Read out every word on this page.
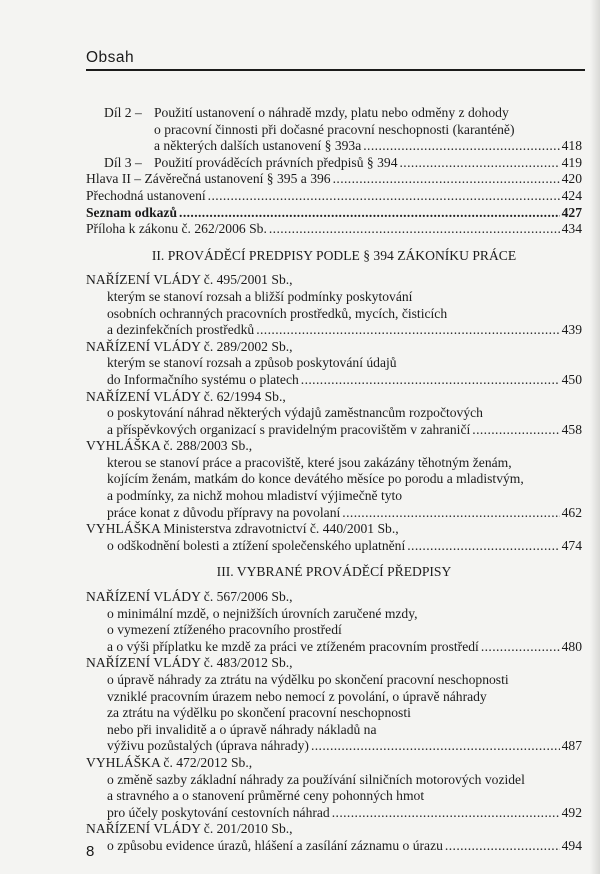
Obsah
Díl 2 – Použití ustanovení o náhradě mzdy, platu nebo odměny z dohody
o pracovní činnosti při dočasné pracovní neschopnosti (karanténě)
a některých dalších ustanovení § 393a .....	418
Díl 3 – Použití prováděcích právních předpisů § 394 .....	419
Hlava II – Závěrečná ustanovení § 395 a 396 .....	420
Přechodná ustanovení .....	424
Seznam odkazů .....	427
Příloha k zákonu č. 262/2006 Sb. .....	434
II. PROVÁDĚCÍ PREDPISY PODLE § 394 ZÁKONÍKU PRÁCE
NAŘÍZENÍ VLÁDY č. 495/2001 Sb.,
kterým se stanoví rozsah a bližší podmínky poskytování
osobních ochranných pracovních prostředků, mycích, čisticích
a dezinfekčních prostředků .....	439
NAŘÍZENÍ VLÁDY č. 289/2002 Sb.,
kterým se stanoví rozsah a způsob poskytování údajů
do Informačního systému o platech .....	450
NAŘÍZENÍ VLÁDY č. 62/1994 Sb.,
o poskytování náhrad některých výdajů zaměstnancům rozpočtových
a příspěvkových organizací s pravidelným pracovištěm v zahraničí .....	458
VYHLÁŠKA č. 288/2003 Sb.,
kterou se stanoví práce a pracoviště, které jsou zakázány těhotným ženám,
kojícím ženám, matkám do konce devátého měsíce po porodu a mladistvým,
a podmínky, za nichž mohou mladiství výjimečně tyto
práce konat z důvodu přípravy na povolaní .....	462
VYHLÁŠKA Ministerstva zdravotnictví č. 440/2001 Sb.,
o odškodnění bolesti a ztížení společenského uplatnění .....	474
III. VYBRANÉ PROVÁDĚCÍ PŘEDPISY
NAŘÍZENÍ VLÁDY č. 567/2006 Sb.,
o minimální mzdě, o nejnižších úrovních zaručené mzdy,
o vymezení ztíženého pracovního prostředí
a o výši příplatku ke mzdě za práci ve ztíženém pracovním prostředí .....	480
NAŘÍZENÍ VLÁDY č. 483/2012 Sb.,
o úpravě náhrady za ztrátu na výdělku po skončení pracovní neschopnosti
vzniklé pracovním úrazem nebo nemocí z povolání, o úpravě náhrady
za ztrátu na výdělku po skončení pracovní neschopnosti
nebo při invaliditě a o úpravě náhrady nákladů na
výživu pozůstalých (úprava náhrady) .....	487
VYHLÁŠKA č. 472/2012 Sb.,
o změně sazby základní náhrady za používání silničních motorových vozidel
a stravného a o stanovení průměrné ceny pohonných hmot
pro účely poskytování cestovních náhrad .....	492
NAŘÍZENÍ VLÁDY č. 201/2010 Sb.,
o způsobu evidence úrazů, hlášení a zasílání záznamu o úrazu .....	494
8
